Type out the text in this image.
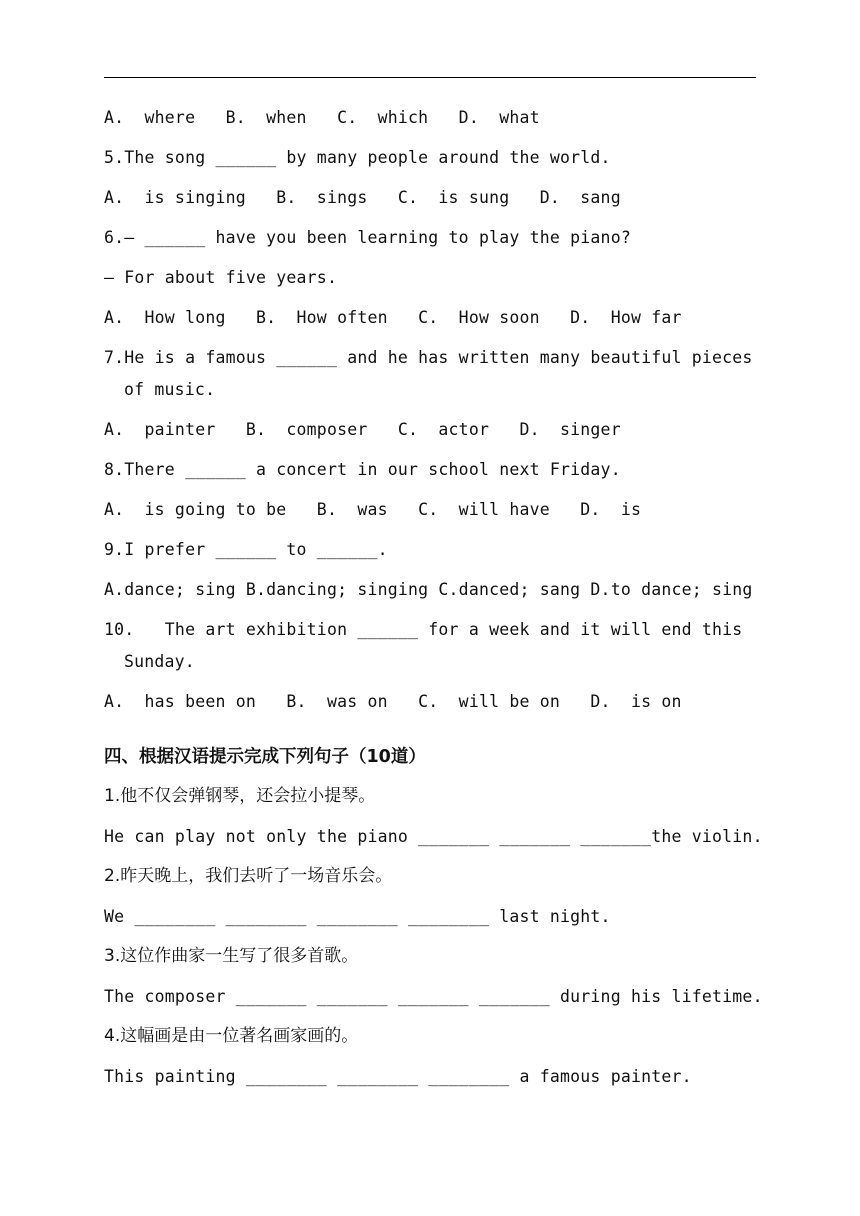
A.  where   B.  when   C.  which   D.  what
5.The song ______ by many people around the world.
A.  is singing   B.  sings   C.  is sung   D.  sang
6.— ______ have you been learning to play the piano?
— For about five years.
A.  How long   B.  How often   C.  How soon   D.  How far
7.He is a famous ______ and he has written many beautiful pieces
of music.
A.  painter   B.  composer   C.  actor   D.  singer
8.There ______ a concert in our school next Friday.
A.  is going to be   B.  was   C.  will have   D.  is
9.I prefer ______ to ______.
A.dance; sing B.dancing; singing C.danced; sang D.to dance; sing
10.   The art exhibition ______ for a week and it will end this
Sunday.
A.  has been on   B.  was on   C.  will be on   D.  is on
四、根据汉语提示完成下列句子（10道）
1.他不仅会弹钢琴，还会拉小提琴。
He can play not only the piano _______ _______ _______the violin.
2.昨天晚上，我们去听了一场音乐会。
We ________ ________ ________ ________ last night.
3.这位作曲家一生写了很多首歌。
The composer _______ _______ _______ _______ during his lifetime.
4.这幅画是由一位著名画家画的。
This painting ________ ________ ________ a famous painter.
